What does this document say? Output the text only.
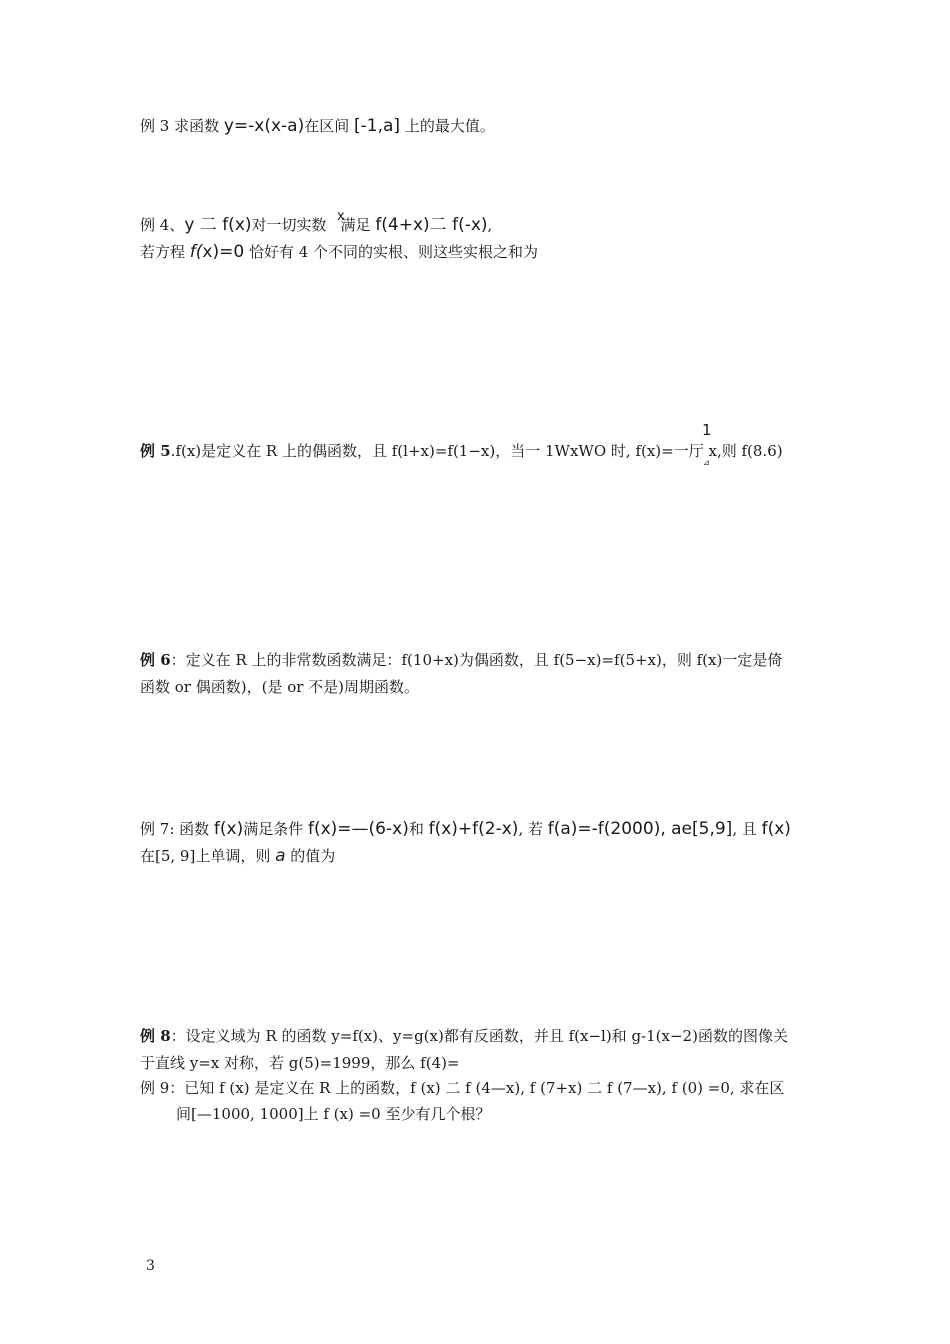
例 3 求函数 y=-x(x-a)在区间 [-1,a] 上的最大值。
例 4、y 二 f(x)对一切实数 满足 f(4+x)二 f(-x),
x
若方程 f(x)=0 恰好有 4 个不同的实根、则这些实根之和为
1
例 5.f(x)是定义在 R 上的偶函数，且 f(l+x)=f(1−x)，当一 1WxWO 时, f(x)=一厅 x,则 f(8.6)
⊿
例 6：定义在 R 上的非常数函数满足：f(10+x)为偶函数，且 f(5−x)=f(5+x)，则 f(x)一定是倚
函数 or 偶函数)，(是 or 不是)周期函数。
例 7: 函数 f(x)满足条件 f(x)=—(6-x)和 f(x)+f(2-x), 若 f(a)=-f(2000), ae[5,9], 且 f(x)
在[5, 9]上单调，则 a 的值为
例 8：设定义域为 R 的函数 y=f(x)、y=g(x)都有反函数，并且 f(x−l)和 g-1(x−2)函数的图像关
于直线 y=x 对称，若 g(5)=1999，那么 f(4)=
例 9：已知 f (x) 是定义在 R 上的函数，f (x) 二 f (4—x), f (7+x) 二 f (7—x), f (0) =0, 求在区
间[—1000, 1000]上 f (x) =0 至少有几个根？
3
